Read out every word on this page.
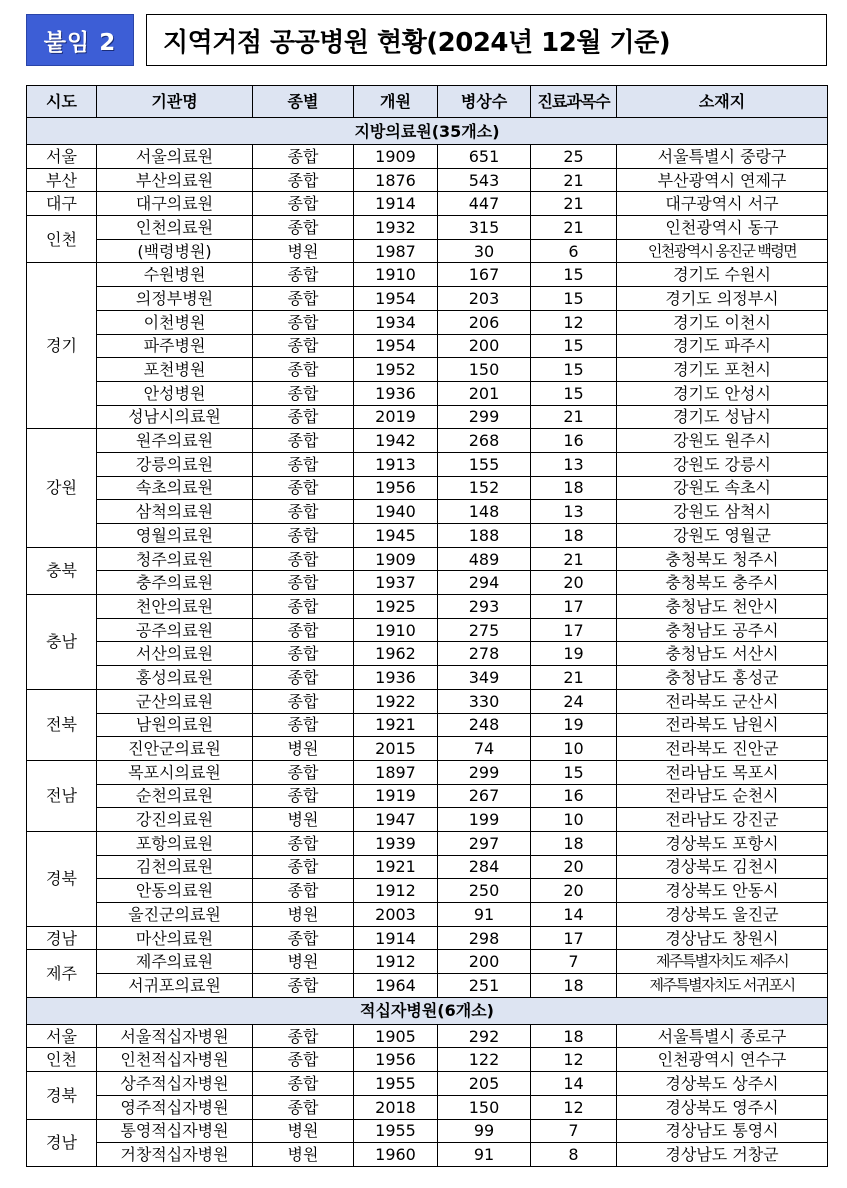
붙임 2	지역거점 공공병원 현황(2024년 12월 기준)
시도	기관명	종별	개원	병상수	진료과목수	소재지
지방의료원(35개소)						
서울	서울의료원	종합	1909	651	25	서울특별시 중랑구
부산	부산의료원	종합	1876	543	21	부산광역시 연제구
대구	대구의료원	종합	1914	447	21	대구광역시 서구
인천	인천의료원	종합	1932	315	21	인천광역시 동구
	(백령병원)	병원	1987	30	6	인천광역시 옹진군 백령면
경기	수원병원	종합	1910	167	15	경기도 수원시
	의정부병원	종합	1954	203	15	경기도 의정부시
	이천병원	종합	1934	206	12	경기도 이천시
	파주병원	종합	1954	200	15	경기도 파주시
	포천병원	종합	1952	150	15	경기도 포천시
	안성병원	종합	1936	201	15	경기도 안성시
	성남시의료원	종합	2019	299	21	경기도 성남시
강원	원주의료원	종합	1942	268	16	강원도 원주시
	강릉의료원	종합	1913	155	13	강원도 강릉시
	속초의료원	종합	1956	152	18	강원도 속초시
	삼척의료원	종합	1940	148	13	강원도 삼척시
	영월의료원	종합	1945	188	18	강원도 영월군
충북	청주의료원	종합	1909	489	21	충청북도 청주시
	충주의료원	종합	1937	294	20	충청북도 충주시
충남	천안의료원	종합	1925	293	17	충청남도 천안시
	공주의료원	종합	1910	275	17	충청남도 공주시
	서산의료원	종합	1962	278	19	충청남도 서산시
	홍성의료원	종합	1936	349	21	충청남도 홍성군
전북	군산의료원	종합	1922	330	24	전라북도 군산시
	남원의료원	종합	1921	248	19	전라북도 남원시
	진안군의료원	병원	2015	74	10	전라북도 진안군
전남	목포시의료원	종합	1897	299	15	전라남도 목포시
	순천의료원	종합	1919	267	16	전라남도 순천시
	강진의료원	병원	1947	199	10	전라남도 강진군
경북	포항의료원	종합	1939	297	18	경상북도 포항시
	김천의료원	종합	1921	284	20	경상북도 김천시
	안동의료원	종합	1912	250	20	경상북도 안동시
	울진군의료원	병원	2003	91	14	경상북도 울진군
경남	마산의료원	종합	1914	298	17	경상남도 창원시
제주	제주의료원	병원	1912	200	7	제주특별자치도 제주시
	서귀포의료원	종합	1964	251	18	제주특별자치도 서귀포시
적십자병원(6개소)						
서울	서울적십자병원	종합	1905	292	18	서울특별시 종로구
인천	인천적십자병원	종합	1956	122	12	인천광역시 연수구
경북	상주적십자병원	종합	1955	205	14	경상북도 상주시
	영주적십자병원	종합	2018	150	12	경상북도 영주시
경남	통영적십자병원	병원	1955	99	7	경상남도 통영시
	거창적십자병원	병원	1960	91	8	경상남도 거창군
